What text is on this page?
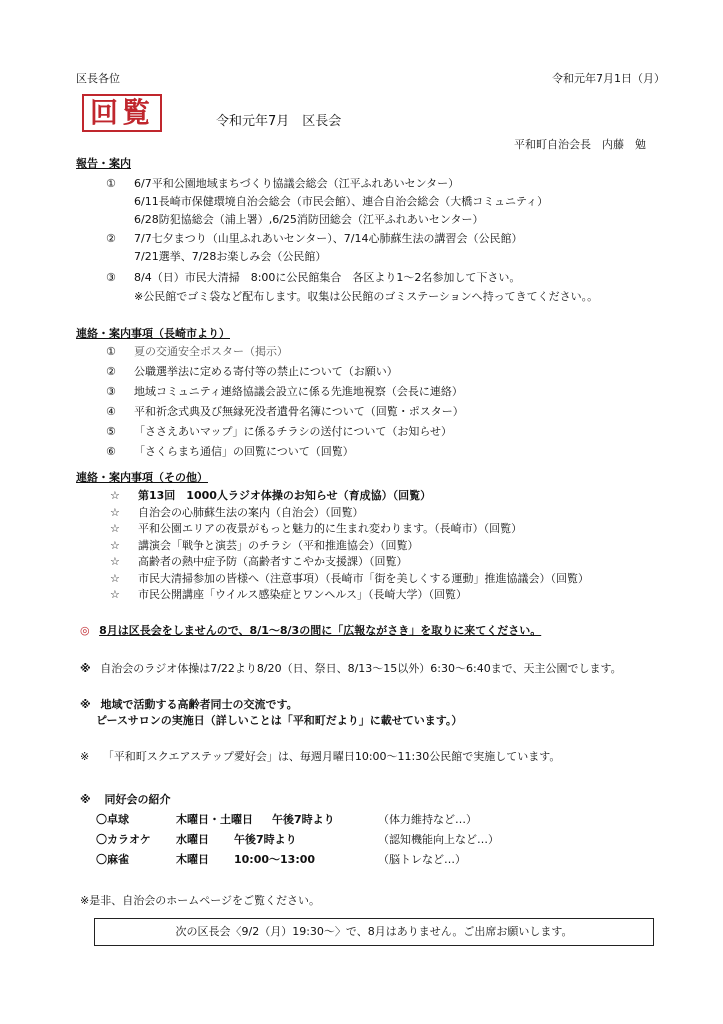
区長各位	令和元年7月1日（月）
回覧	令和元年7月　区長会
平和町自治会長　内藤　勉
報告・案内
①	6/7平和公園地域まちづくり協議会総会（江平ふれあいセンター）
6/11長崎市保健環境自治会総会（市民会館）、連合自治会総会（大橋コミュニティ）
6/28防犯協総会（浦上署）,6/25消防団総会（江平ふれあいセンター）
②	7/7七夕まつり（山里ふれあいセンター）、7/14心肺蘇生法の講習会（公民館）
7/21選挙、7/28お楽しみ会（公民館）
③	8/4（日）市民大清掃　8:00に公民館集合　各区より1～2名参加して下さい。
※公民館でゴミ袋など配布します。収集は公民館のゴミステーションへ持ってきてください。。
連絡・案内事項（長崎市より）
①	夏の交通安全ポスター（掲示）
②	公職選挙法に定める寄付等の禁止について（お願い）
③	地域コミュニティ連絡協議会設立に係る先進地視察（会長に連絡）
④	平和祈念式典及び無縁死没者遺骨名簿について（回覧・ポスター）
⑤	「ささえあいマップ」に係るチラシの送付について（お知らせ）
⑥	「さくらまち通信」の回覧について（回覧）
連絡・案内事項（その他）
☆	第13回　1000人ラジオ体操のお知らせ（育成協）（回覧）
☆	自治会の心肺蘇生法の案内（自治会）（回覧）
☆	平和公園エリアの夜景がもっと魅力的に生まれ変わります。（長崎市）（回覧）
☆	講演会「戦争と演芸」のチラシ（平和推進協会）（回覧）
☆	高齢者の熱中症予防（高齢者すこやか支援課）（回覧）
☆	市民大清掃参加の皆様へ（注意事項）（長崎市「街を美しくする運動」推進協議会）（回覧）
☆	市民公開講座「ウイルス感染症とワンヘルス」（長崎大学）（回覧）
◎ 8月は区長会をしませんので、8/1～8/3の間に「広報ながさき」を取りに来てください。
※ 自治会のラジオ体操は7/22より8/20（日、祭日、8/13～15以外）6:30～6:40まで、天主公園でします。
※ 地域で活動する高齢者同士の交流です。
ピースサロンの実施日（詳しいことは「平和町だより」に載せています。）
※ 「平和町スクエアステップ愛好会」は、毎週月曜日10:00～11:30公民館で実施しています。
※ 同好会の紹介
〇卓球	木曜日・土曜日	午後7時より	（体力維持など…）
〇カラオケ	水曜日	午後7時より	（認知機能向上など…）
〇麻雀	木曜日	10:00～13:00	（脳トレなど…）
※是非、自治会のホームページをご覧ください。
次の区長会〈9/2（月）19:30～〉で、8月はありません。ご出席お願いします。
